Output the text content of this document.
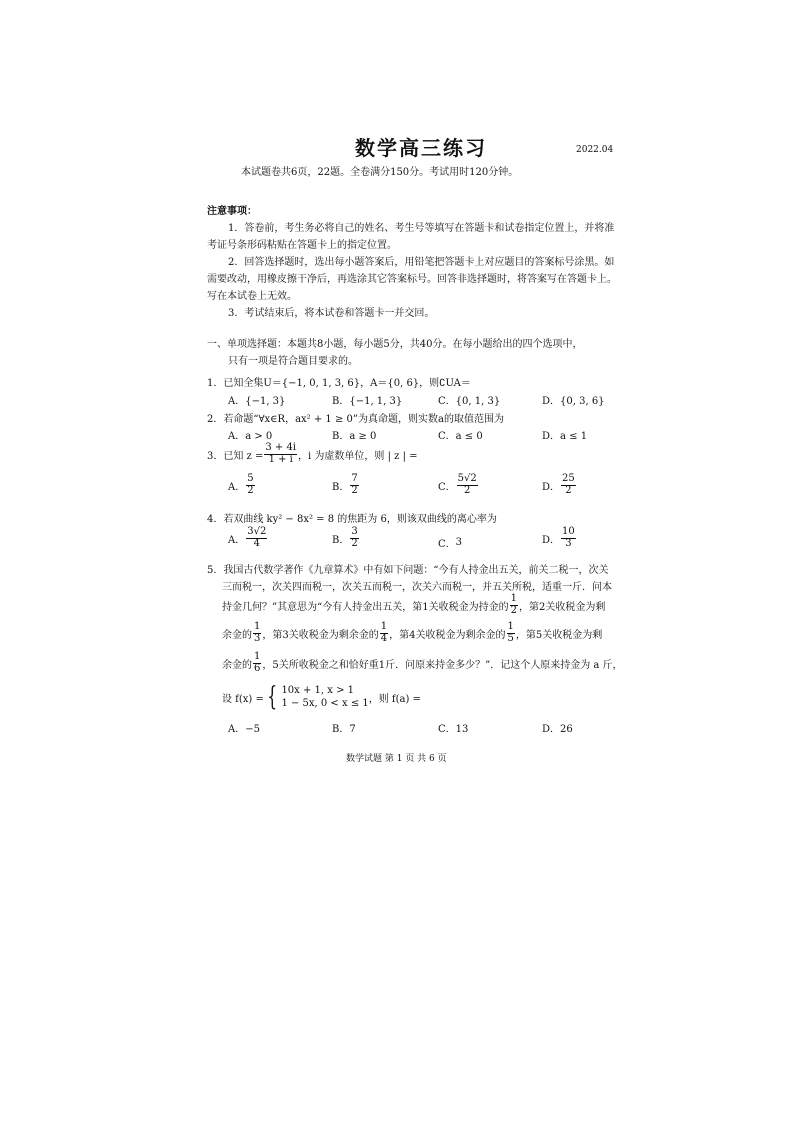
数学高三练习	2022.04
本试题卷共6页，22题。全卷满分150分。考试用时120分钟。
注意事项：
1．答卷前，考生务必将自己的姓名、考生号等填写在答题卡和试卷指定位置上，并将准
考证号条形码粘贴在答题卡上的指定位置。
2．回答选择题时，选出每小题答案后，用铅笔把答题卡上对应题目的答案标号涂黑。如
需要改动，用橡皮擦干净后，再选涂其它答案标号。回答非选择题时，将答案写在答题卡上。
写在本试卷上无效。
3．考试结束后，将本试卷和答题卡一并交回。
一、单项选择题：本题共8小题，每小题5分，共40分。在每小题给出的四个选项中，
只有一项是符合题目要求的。
1．已知全集U＝{−1, 0, 1, 3, 6}，A＝{0, 6}，则∁UA＝
A．{−1, 3}	B．{−1, 1, 3}	C．{0, 1, 3}	D．{0, 3, 6}
2．若命题“∀x∈R，ax² + 1 ≥ 0”为真命题，则实数a的取值范围为
A．a > 0	B．a ≥ 0	C．a ≤ 0	D．a ≤ 1
3．已知 $z = \frac{3 + 4i}{1 + i}$ ，i 为虚数单位，则 | z | =
A． $\frac{5}{2}$	B． $\frac{7}{2}$	C． $\frac{5√2}{2}$	D． $\frac{25}{2}$
4．若双曲线 ky² − 8x² = 8 的焦距为 6，则该双曲线的离心率为
A． $\frac{3√2}{4}$	B． $\frac{3}{2}$	C． 3	D． $\frac{10}{3}$
5．我国古代数学著作《九章算术》中有如下问题：“今有人持金出五关，前关二税一，次关
三而税一，次关四而税一，次关五而税一，次关六而税一，并五关所税，适重一斤．问本
持金几何？”其意思为“今有人持金出五关，第1关收税金为持金的 $\frac{1}{2}$ ，第2关收税金为剩
余金的 $\frac{1}{3}$ ，第3关收税金为剩余金的 $\frac{1}{4}$ ，第4关收税金为剩余金的 $\frac{1}{5}$ ，第5关收税金为剩
余金的 $\frac{1}{6}$ ，5关所收税金之和恰好重1斤．问原来持金多少？”．记这个人原来持金为 a 斤，
设 f(x) = { 10x + 1, x > 1
1 − 5x, 0 < x ≤ 1 ，则 f(a) =
A．−5	B．7	C．13	D．26
数学试题 第 1 页 共 6 页
